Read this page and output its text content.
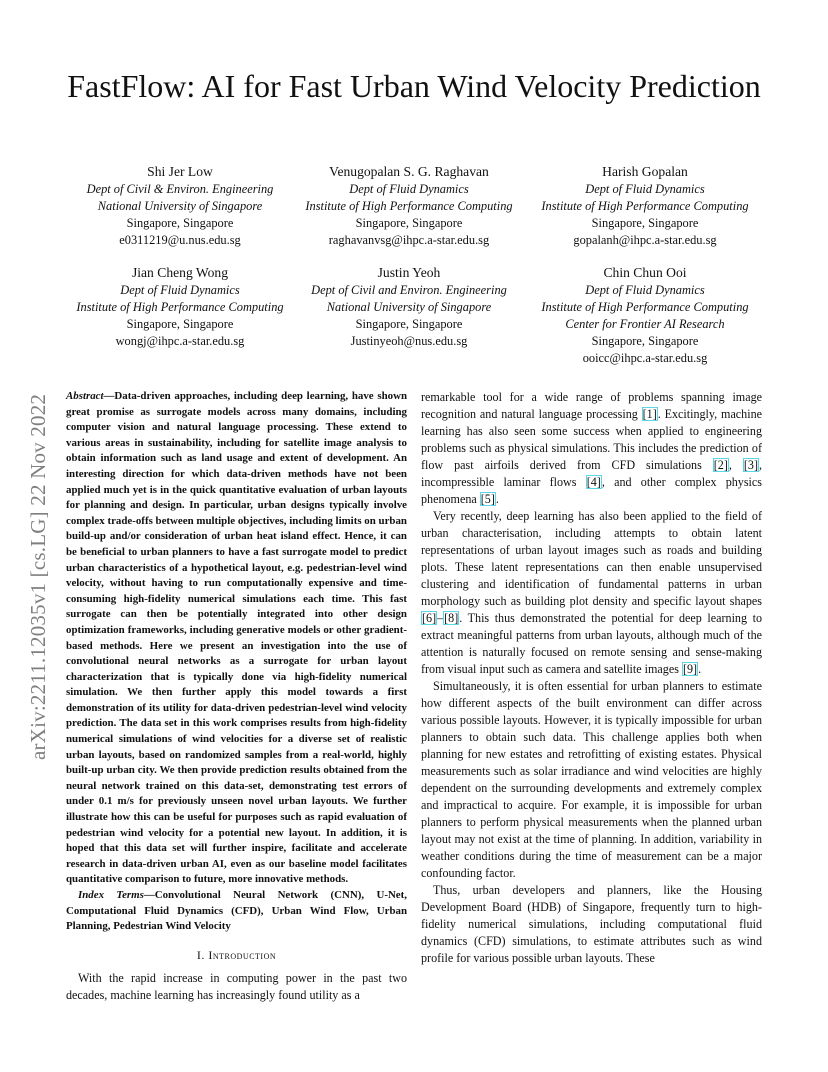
arXiv:2211.12035v1 [cs.LG] 22 Nov 2022
FastFlow: AI for Fast Urban Wind Velocity Prediction
Shi Jer Low
Dept of Civil & Environ. Engineering
National University of Singapore
Singapore, Singapore
e0311219@u.nus.edu.sg
Venugopalan S. G. Raghavan
Dept of Fluid Dynamics
Institute of High Performance Computing
Singapore, Singapore
raghavanvsg@ihpc.a-star.edu.sg
Harish Gopalan
Dept of Fluid Dynamics
Institute of High Performance Computing
Singapore, Singapore
gopalanh@ihpc.a-star.edu.sg
Jian Cheng Wong
Dept of Fluid Dynamics
Institute of High Performance Computing
Singapore, Singapore
wongj@ihpc.a-star.edu.sg
Justin Yeoh
Dept of Civil and Environ. Engineering
National University of Singapore
Singapore, Singapore
Justinyeoh@nus.edu.sg
Chin Chun Ooi
Dept of Fluid Dynamics
Institute of High Performance Computing
Center for Frontier AI Research
Singapore, Singapore
ooicc@ihpc.a-star.edu.sg

Abstract—Data-driven approaches, including deep learning, have shown great promise as surrogate models across many domains, including computer vision and natural language processing. These extend to various areas in sustainability, including for satellite image analysis to obtain information such as land usage and extent of development. An interesting direction for which data-driven methods have not been applied much yet is in the quick quantitative evaluation of urban layouts for planning and design. In particular, urban designs typically involve complex trade-offs between multiple objectives, including limits on urban build-up and/or consideration of urban heat island effect. Hence, it can be beneficial to urban planners to have a fast surrogate model to predict urban characteristics of a hypothetical layout, e.g. pedestrian-level wind velocity, without having to run computationally expensive and time-consuming high-fidelity numerical simulations each time. This fast surrogate can then be potentially integrated into other design optimization frameworks, including generative models or other gradient-based methods. Here we present an investigation into the use of convolutional neural networks as a surrogate for urban layout characterization that is typically done via high-fidelity numerical simulation. We then further apply this model towards a first demonstration of its utility for data-driven pedestrian-level wind velocity prediction. The data set in this work comprises results from high-fidelity numerical simulations of wind velocities for a diverse set of realistic urban layouts, based on randomized samples from a real-world, highly built-up urban city. We then provide prediction results obtained from the neural network trained on this data-set, demonstrating test errors of under 0.1 m/s for previously unseen novel urban layouts. We further illustrate how this can be useful for purposes such as rapid evaluation of pedestrian wind velocity for a potential new layout. In addition, it is hoped that this data set will further inspire, facilitate and accelerate research in data-driven urban AI, even as our baseline model facilitates quantitative comparison to future, more innovative methods.

Index Terms—Convolutional Neural Network (CNN), U-Net, Computational Fluid Dynamics (CFD), Urban Wind Flow, Urban Planning, Pedestrian Wind Velocity

I. Introduction

With the rapid increase in computing power in the past two decades, machine learning has increasingly found utility as a

remarkable tool for a wide range of problems spanning image recognition and natural language processing [1]. Excitingly, machine learning has also seen some success when applied to engineering problems such as physical simulations. This includes the prediction of flow past airfoils derived from CFD simulations [2], [3], incompressible laminar flows [4], and other complex physics phenomena [5].

Very recently, deep learning has also been applied to the field of urban characterisation, including attempts to obtain latent representations of urban layout images such as roads and building plots. These latent representations can then enable unsupervised clustering and identification of fundamental patterns in urban morphology such as building plot density and specific layout shapes [6]–[8]. This thus demonstrated the potential for deep learning to extract meaningful patterns from urban layouts, although much of the attention is naturally focused on remote sensing and sense-making from visual input such as camera and satellite images [9].

Simultaneously, it is often essential for urban planners to estimate how different aspects of the built environment can differ across various possible layouts. However, it is typically impossible for urban planners to obtain such data. This challenge applies both when planning for new estates and retrofitting of existing estates. Physical measurements such as solar irradiance and wind velocities are highly dependent on the surrounding developments and extremely complex and impractical to acquire. For example, it is impossible for urban planners to perform physical measurements when the planned urban layout may not exist at the time of planning. In addition, variability in weather conditions during the time of measurement can be a major confounding factor.

Thus, urban developers and planners, like the Housing Development Board (HDB) of Singapore, frequently turn to high-fidelity numerical simulations, including computational fluid dynamics (CFD) simulations, to estimate attributes such as wind profile for various possible urban layouts. These
